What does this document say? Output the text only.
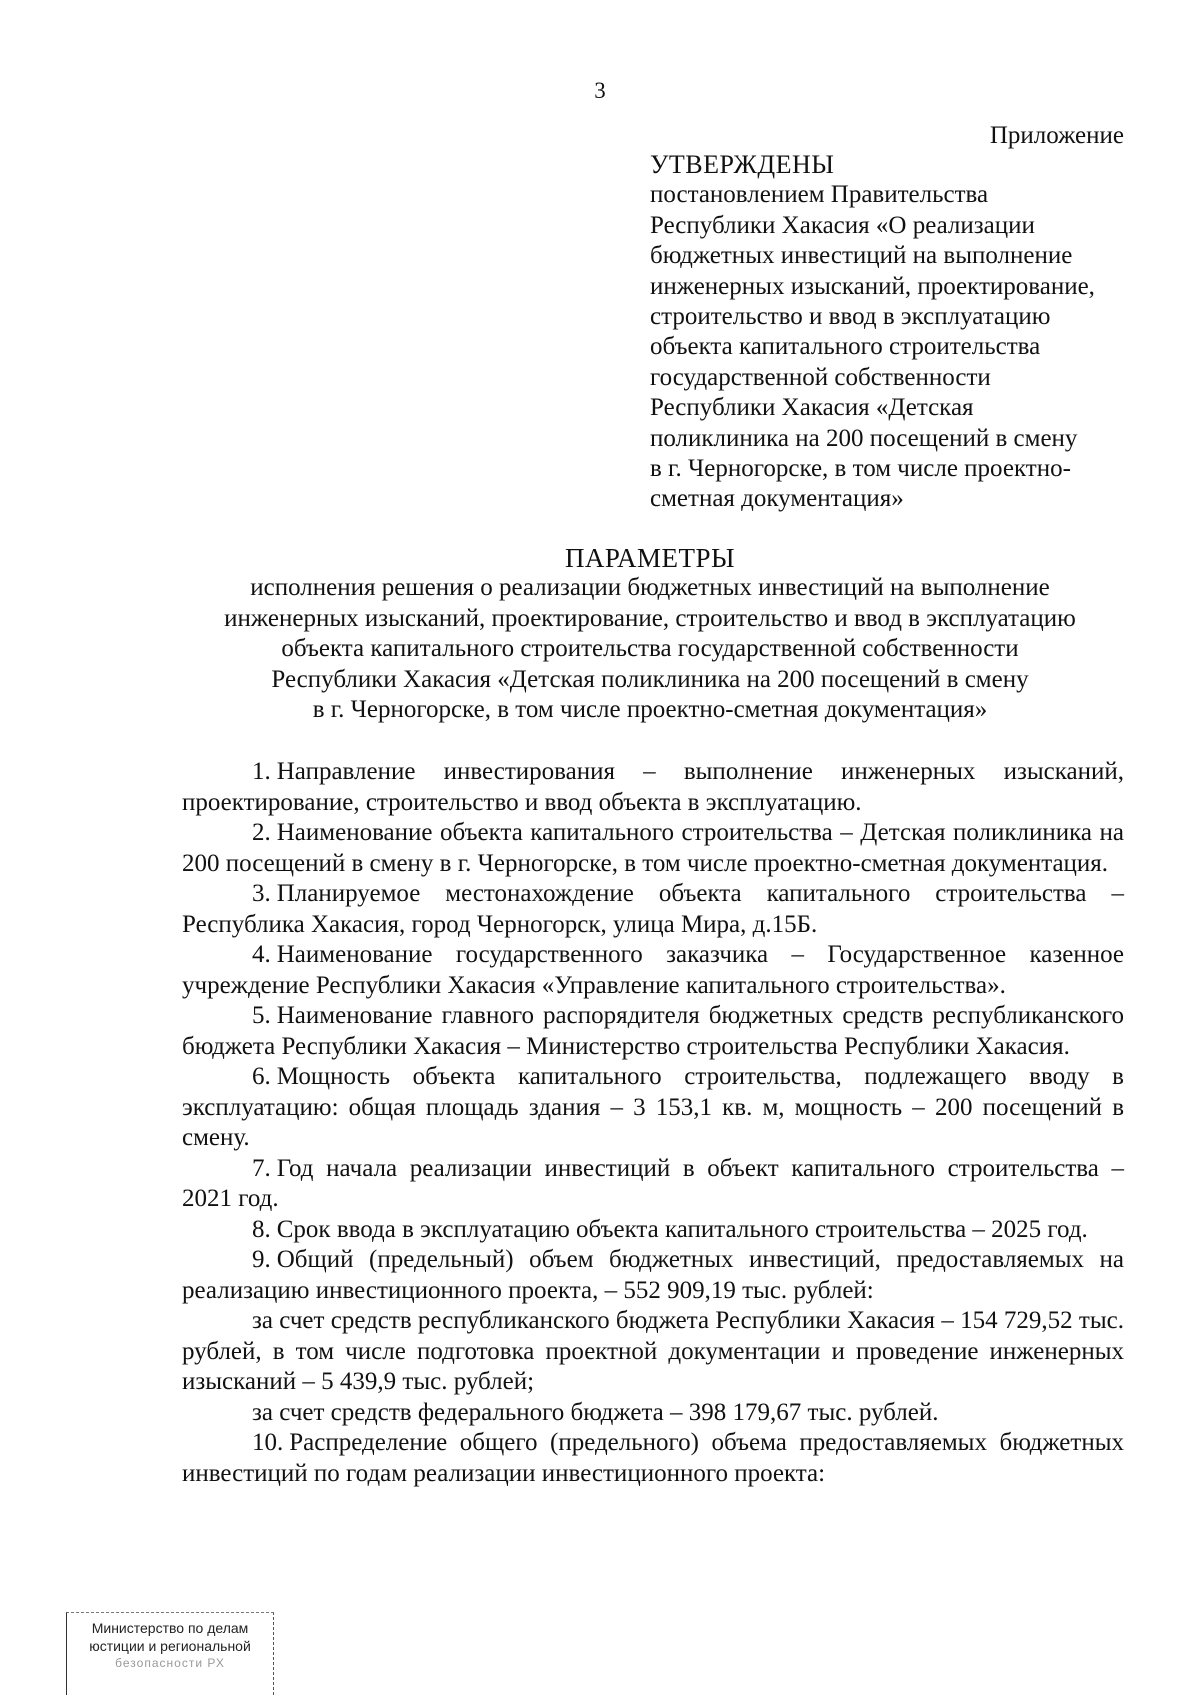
3
Приложение
УТВЕРЖДЕНЫ
постановлением Правительства
Республики Хакасия «О реализации
бюджетных инвестиций на выполнение
инженерных изысканий, проектирование,
строительство и ввод в эксплуатацию
объекта капитального строительства
государственной собственности
Республики Хакасия «Детская
поликлиника на 200 посещений в смену
в г. Черногорске, в том числе проектно-
сметная документация»
ПАРАМЕТРЫ
исполнения решения о реализации бюджетных инвестиций на выполнение
инженерных изысканий, проектирование, строительство и ввод в эксплуатацию
объекта капитального строительства государственной собственности
Республики Хакасия «Детская поликлиника на 200 посещений в смену
в г. Черногорске, в том числе проектно-сметная документация»

1. Направление инвестирования – выполнение инженерных изысканий, проектирование, строительство и ввод объекта в эксплуатацию.

2. Наименование объекта капитального строительства – Детская поликлиника на 200 посещений в смену в г. Черногорске, в том числе проектно-сметная документация.

3. Планируемое местонахождение объекта капитального строительства – Республика Хакасия, город Черногорск, улица Мира, д.15Б.

4. Наименование государственного заказчика – Государственное казенное учреждение Республики Хакасия «Управление капитального строительства».

5. Наименование главного распорядителя бюджетных средств республиканского бюджета Республики Хакасия – Министерство строительства Республики Хакасия.

6. Мощность объекта капитального строительства, подлежащего вводу в эксплуатацию: общая площадь здания – 3 153,1 кв. м, мощность – 200 посещений в смену.

7. Год начала реализации инвестиций в объект капитального строительства – 2021 год.

8. Срок ввода в эксплуатацию объекта капитального строительства – 2025 год.

9. Общий (предельный) объем бюджетных инвестиций, предоставляемых на реализацию инвестиционного проекта, – 552 909,19 тыс. рублей:

за счет средств республиканского бюджета Республики Хакасия – 154 729,52 тыс. рублей, в том числе подготовка проектной документации и проведение инженерных изысканий – 5 439,9 тыс. рублей;

за счет средств федерального бюджета – 398 179,67 тыс. рублей.

10. Распределение общего (предельного) объема предоставляемых бюджетных инвестиций по годам реализации инвестиционного проекта:

Министерство по делам
юстиции и региональной
безопасности РХ
